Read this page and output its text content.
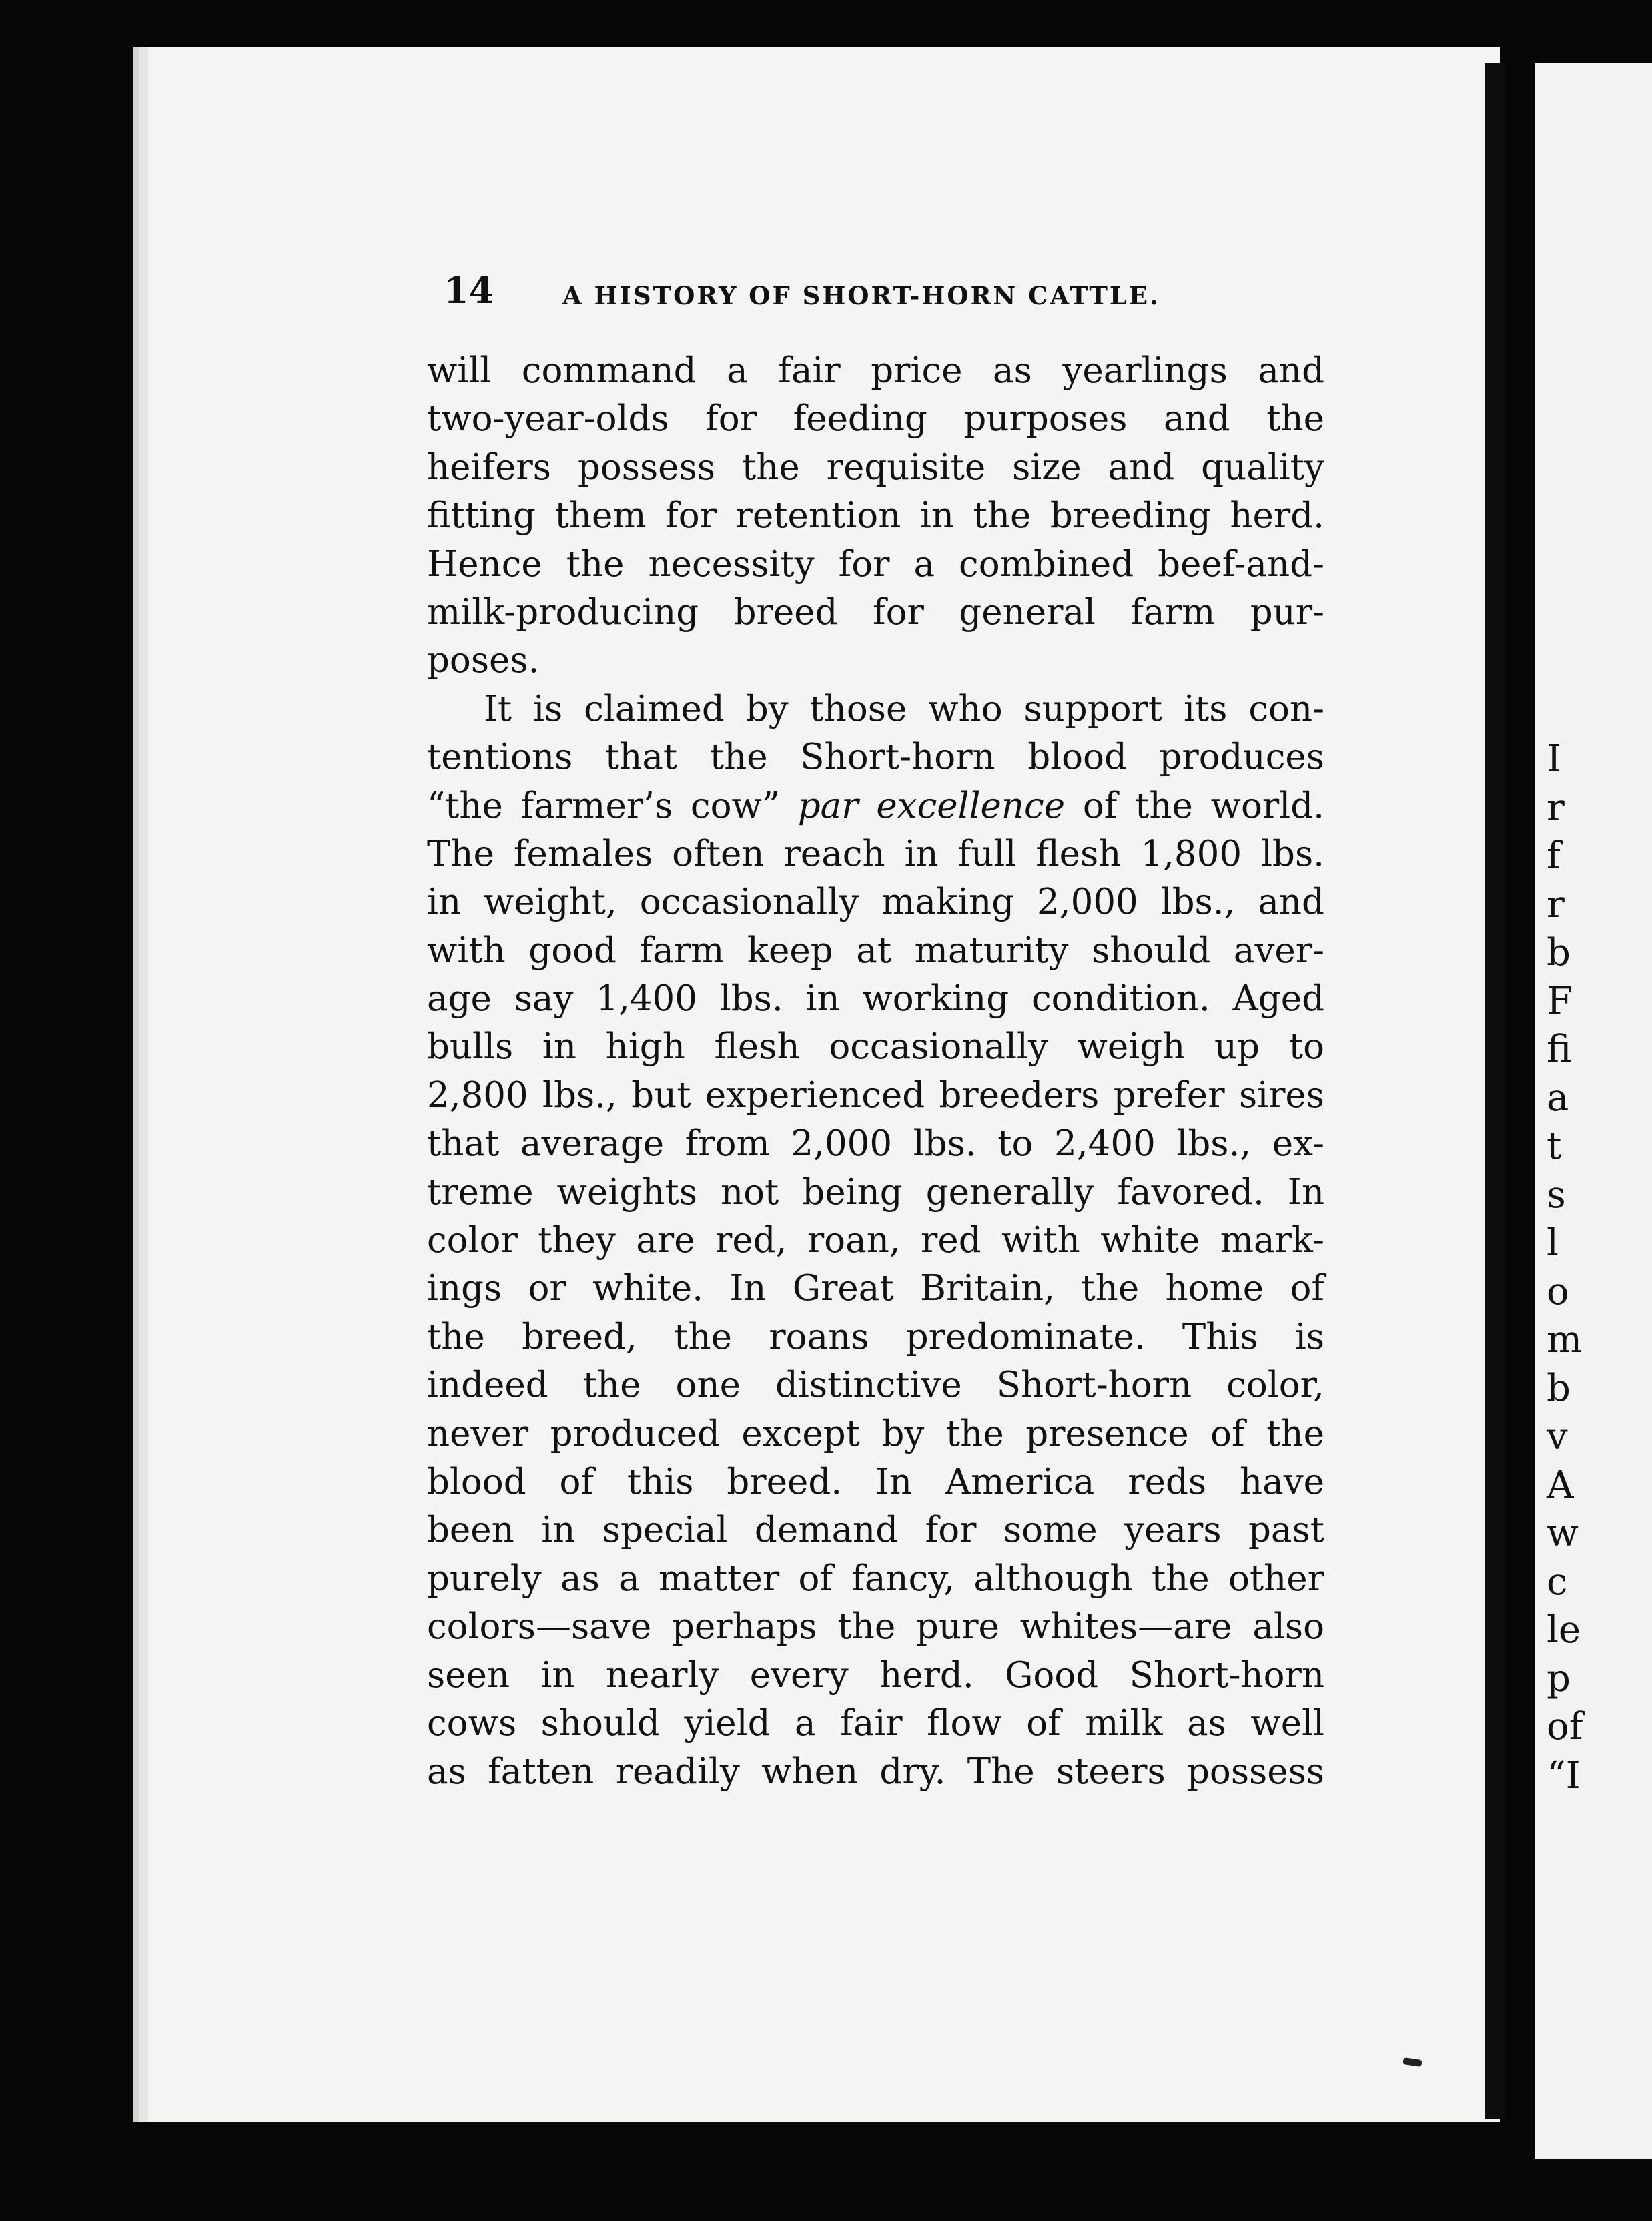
I
r
f
r
b
F
fi
a
t
s
l
o
m
b
v
A
w
c
le
p
of
“I
14	A HISTORY OF SHORT-HORN CATTLE.
will command a fair price as yearlings and
two-year-olds for feeding purposes and the
heifers possess the requisite size and quality
fitting them for retention in the breeding herd.
Hence the necessity for a combined beef-and-
milk-producing breed for general farm pur-
poses.
It is claimed by those who support its con-
tentions that the Short-horn blood produces
“the farmer’s cow” par excellence of the world.
The females often reach in full flesh 1,800 lbs.
in weight, occasionally making 2,000 lbs., and
with good farm keep at maturity should aver-
age say 1,400 lbs. in working condition. Aged
bulls in high flesh occasionally weigh up to
2,800 lbs., but experienced breeders prefer sires
that average from 2,000 lbs. to 2,400 lbs., ex-
treme weights not being generally favored. In
color they are red, roan, red with white mark-
ings or white. In Great Britain, the home of
the breed, the roans predominate. This is
indeed the one distinctive Short-horn color,
never produced except by the presence of the
blood of this breed. In America reds have
been in special demand for some years past
purely as a matter of fancy, although the other
colors—save perhaps the pure whites—are also
seen in nearly every herd. Good Short-horn
cows should yield a fair flow of milk as well
as fatten readily when dry. The steers possess
